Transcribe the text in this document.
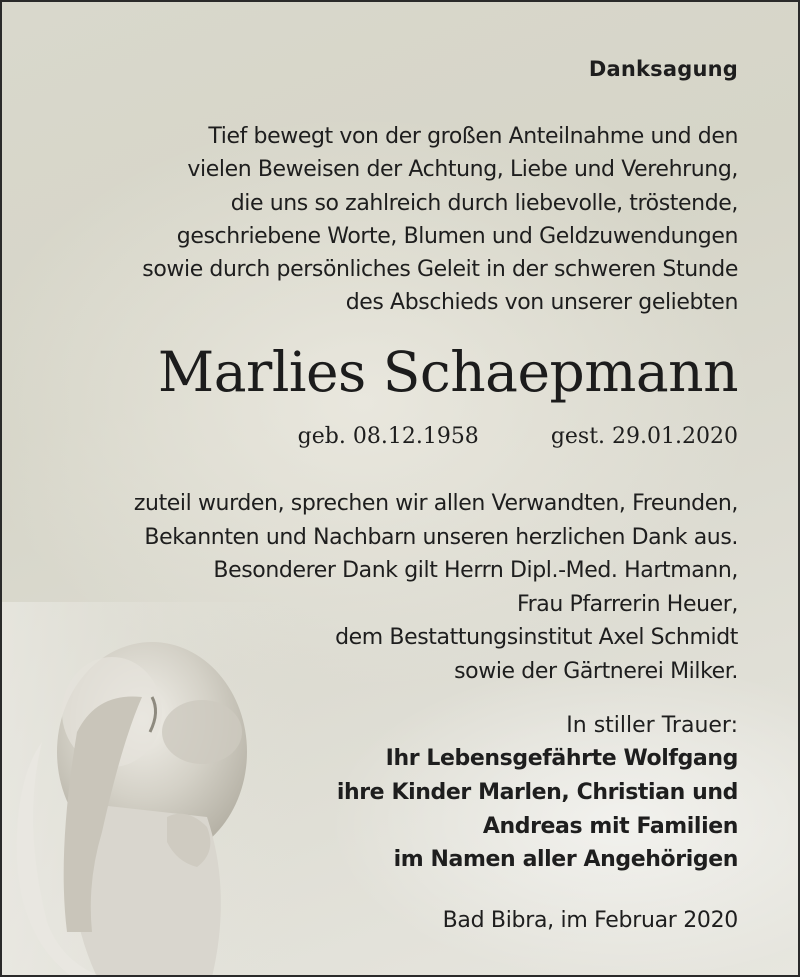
Danksagung
Tief bewegt von der großen Anteilnahme und den
vielen Beweisen der Achtung, Liebe und Verehrung,
die uns so zahlreich durch liebevolle, tröstende,
geschriebene Worte, Blumen und Geldzuwendungen
sowie durch persönliches Geleit in der schweren Stunde
des Abschieds von unserer geliebten
Marlies Schaepmann
geb. 08.12.1958	gest. 29.01.2020
zuteil wurden, sprechen wir allen Verwandten, Freunden,
Bekannten und Nachbarn unseren herzlichen Dank aus.
Besonderer Dank gilt Herrn Dipl.-Med. Hartmann,
Frau Pfarrerin Heuer,
dem Bestattungsinstitut Axel Schmidt
sowie der Gärtnerei Milker.
In stiller Trauer:
Ihr Lebensgefährte Wolfgang
ihre Kinder Marlen, Christian und
Andreas mit Familien
im Namen aller Angehörigen
Bad Bibra, im Februar 2020
